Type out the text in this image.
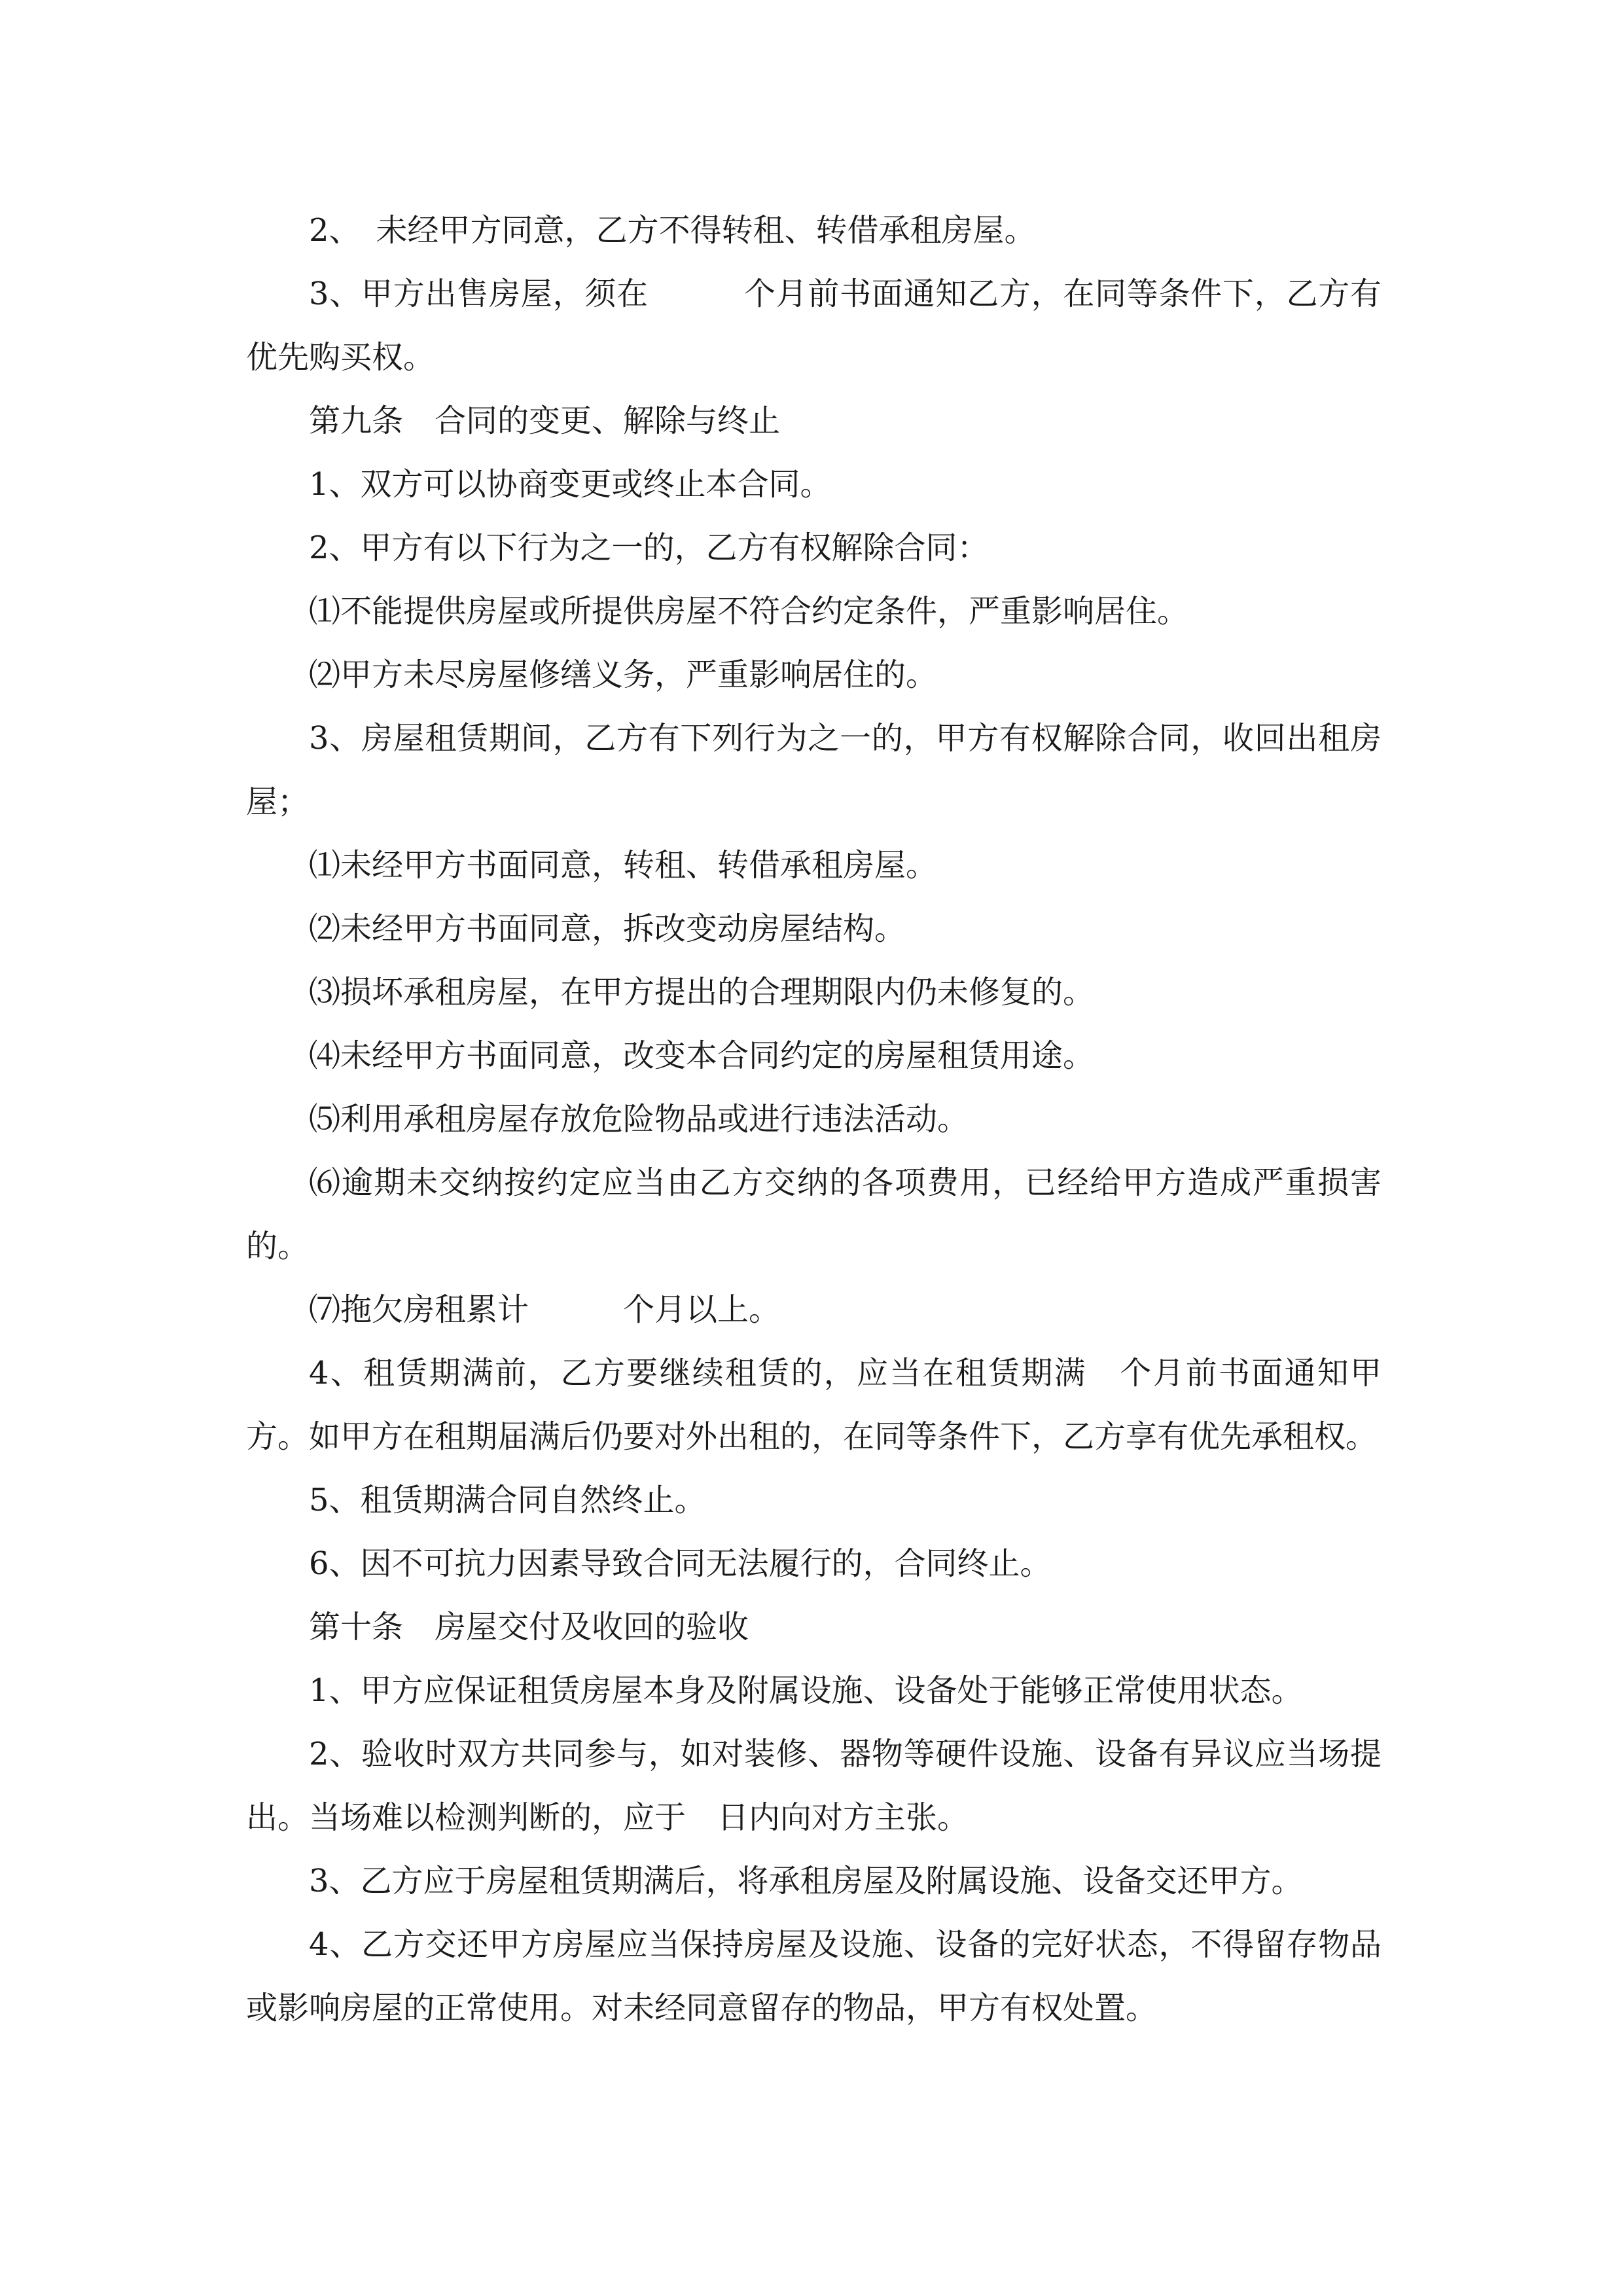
2、　未经甲方同意，乙方不得转租、转借承租房屋。

3、甲方出售房屋，须在　　　个月前书面通知乙方，在同等条件下，乙方有优先购买权。

第九条　合同的变更、解除与终止

1、双方可以协商变更或终止本合同。

2、甲方有以下行为之一的，乙方有权解除合同：

⑴不能提供房屋或所提供房屋不符合约定条件，严重影响居住。

⑵甲方未尽房屋修缮义务，严重影响居住的。

3、房屋租赁期间，乙方有下列行为之一的，甲方有权解除合同，收回出租房屋；

⑴未经甲方书面同意，转租、转借承租房屋。

⑵未经甲方书面同意，拆改变动房屋结构。

⑶损坏承租房屋，在甲方提出的合理期限内仍未修复的。

⑷未经甲方书面同意，改变本合同约定的房屋租赁用途。

⑸利用承租房屋存放危险物品或进行违法活动。

⑹逾期未交纳按约定应当由乙方交纳的各项费用，已经给甲方造成严重损害的。

⑺拖欠房租累计　　　个月以上。

4、租赁期满前，乙方要继续租赁的，应当在租赁期满　个月前书面通知甲方。如甲方在租期届满后仍要对外出租的，在同等条件下，乙方享有优先承租权。

5、租赁期满合同自然终止。

6、因不可抗力因素导致合同无法履行的，合同终止。

第十条　房屋交付及收回的验收

1、甲方应保证租赁房屋本身及附属设施、设备处于能够正常使用状态。

2、验收时双方共同参与，如对装修、器物等硬件设施、设备有异议应当场提出。当场难以检测判断的，应于　日内向对方主张。

3、乙方应于房屋租赁期满后，将承租房屋及附属设施、设备交还甲方。

4、乙方交还甲方房屋应当保持房屋及设施、设备的完好状态，不得留存物品或影响房屋的正常使用。对未经同意留存的物品，甲方有权处置。
